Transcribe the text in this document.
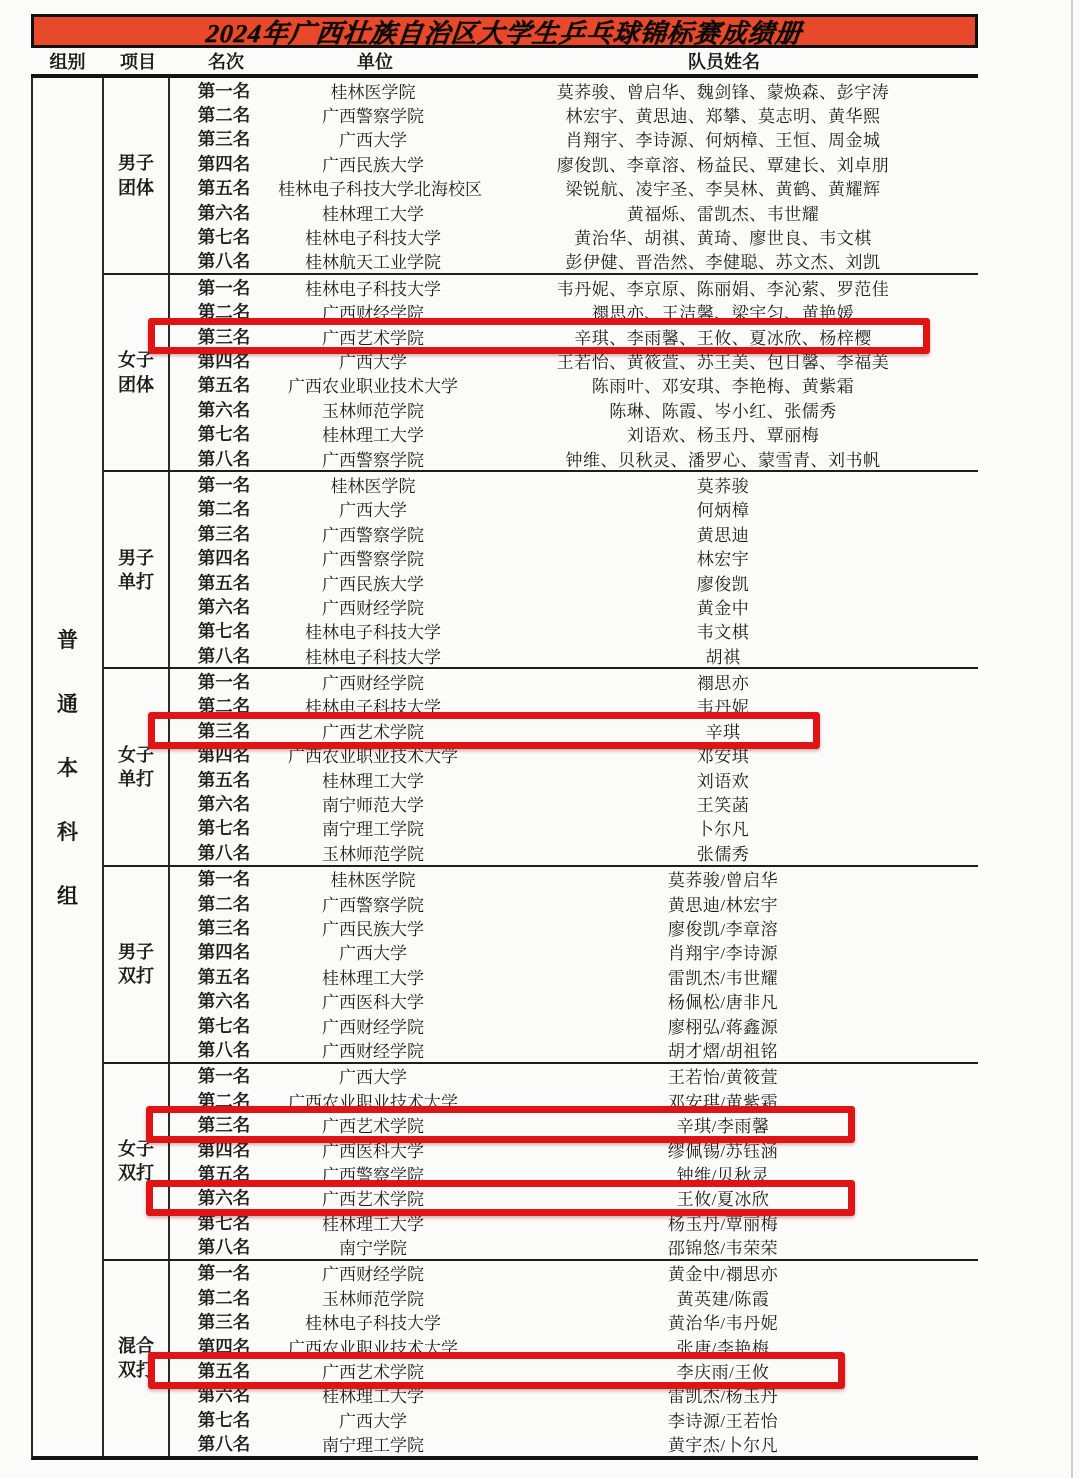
2024年广西壮族自治区大学生乒乓球锦标赛成绩册
组别	项目	名次	单位	队员姓名
普
通
本
科
组
男子
团体
第一名	桂林医学院	莫荞骏、曾启华、魏剑锋、蒙焕森、彭宇涛
第二名	广西警察学院	林宏宇、黄思迪、郑攀、莫志明、黄华熙
第三名	广西大学	肖翔宇、李诗源、何炳樟、王恒、周金城
第四名	广西民族大学	廖俊凯、李章溶、杨益民、覃建长、刘卓朋
第五名	桂林电子科技大学北海校区	梁锐航、凌宇圣、李昊林、黄鹤、黄耀辉
第六名	桂林理工大学	黄福烁、雷凯杰、韦世耀
第七名	桂林电子科技大学	黄治华、胡祺、黄琦、廖世良、韦文棋
第八名	桂林航天工业学院	彭伊健、晋浩然、李健聪、苏文杰、刘凯
女子
团体
第一名	桂林电子科技大学	韦丹妮、李京原、陈丽娟、李沁萦、罗范佳
第二名	广西财经学院	禤思亦、王洁馨、梁宇匀、黄艳媛
第三名	广西艺术学院	辛琪、李雨馨、王攸、夏冰欣、杨梓樱
第四名	广西大学	王若怡、黄筱萱、苏王美、包日馨、李福美
第五名	广西农业职业技术大学	陈雨叶、邓安琪、李艳梅、黄紫霜
第六名	玉林师范学院	陈琳、陈霞、岑小红、张儒秀
第七名	桂林理工大学	刘语欢、杨玉丹、覃丽梅
第八名	广西警察学院	钟维、贝秋灵、潘罗心、蒙雪青、刘书帆
男子
单打
第一名	桂林医学院	莫荞骏
第二名	广西大学	何炳樟
第三名	广西警察学院	黄思迪
第四名	广西警察学院	林宏宇
第五名	广西民族大学	廖俊凯
第六名	广西财经学院	黄金中
第七名	桂林电子科技大学	韦文棋
第八名	桂林电子科技大学	胡祺
女子
单打
第一名	广西财经学院	禤思亦
第二名	桂林电子科技大学	韦丹妮
第三名	广西艺术学院	辛琪
第四名	广西农业职业技术大学	邓安琪
第五名	桂林理工大学	刘语欢
第六名	南宁师范大学	王笑菡
第七名	南宁理工学院	卜尔凡
第八名	玉林师范学院	张儒秀
男子
双打
第一名	桂林医学院	莫荞骏/曾启华
第二名	广西警察学院	黄思迪/林宏宇
第三名	广西民族大学	廖俊凯/李章溶
第四名	广西大学	肖翔宇/李诗源
第五名	桂林理工大学	雷凯杰/韦世耀
第六名	广西医科大学	杨佩松/唐非凡
第七名	广西财经学院	廖栩弘/蒋鑫源
第八名	广西财经学院	胡才熠/胡祖铭
女子
双打
第一名	广西大学	王若怡/黄筱萱
第二名	广西农业职业技术大学	邓安琪/黄紫霜
第三名	广西艺术学院	辛琪/李雨馨
第四名	广西医科大学	缪佩锡/苏钰涵
第五名	广西警察学院	钟维/贝秋灵
第六名	广西艺术学院	王攸/夏冰欣
第七名	桂林理工大学	杨玉丹/覃丽梅
第八名	南宁学院	邵锦悠/韦荣荣
混合
双打
第一名	广西财经学院	黄金中/禤思亦
第二名	玉林师范学院	黄英建/陈霞
第三名	桂林电子科技大学	黄治华/韦丹妮
第四名	广西农业职业技术大学	张唐/李艳梅
第五名	广西艺术学院	李庆雨/王攸
第六名	桂林理工大学	雷凯杰/杨玉丹
第七名	广西大学	李诗源/王若怡
第八名	南宁理工学院	黄宇杰/卜尔凡
